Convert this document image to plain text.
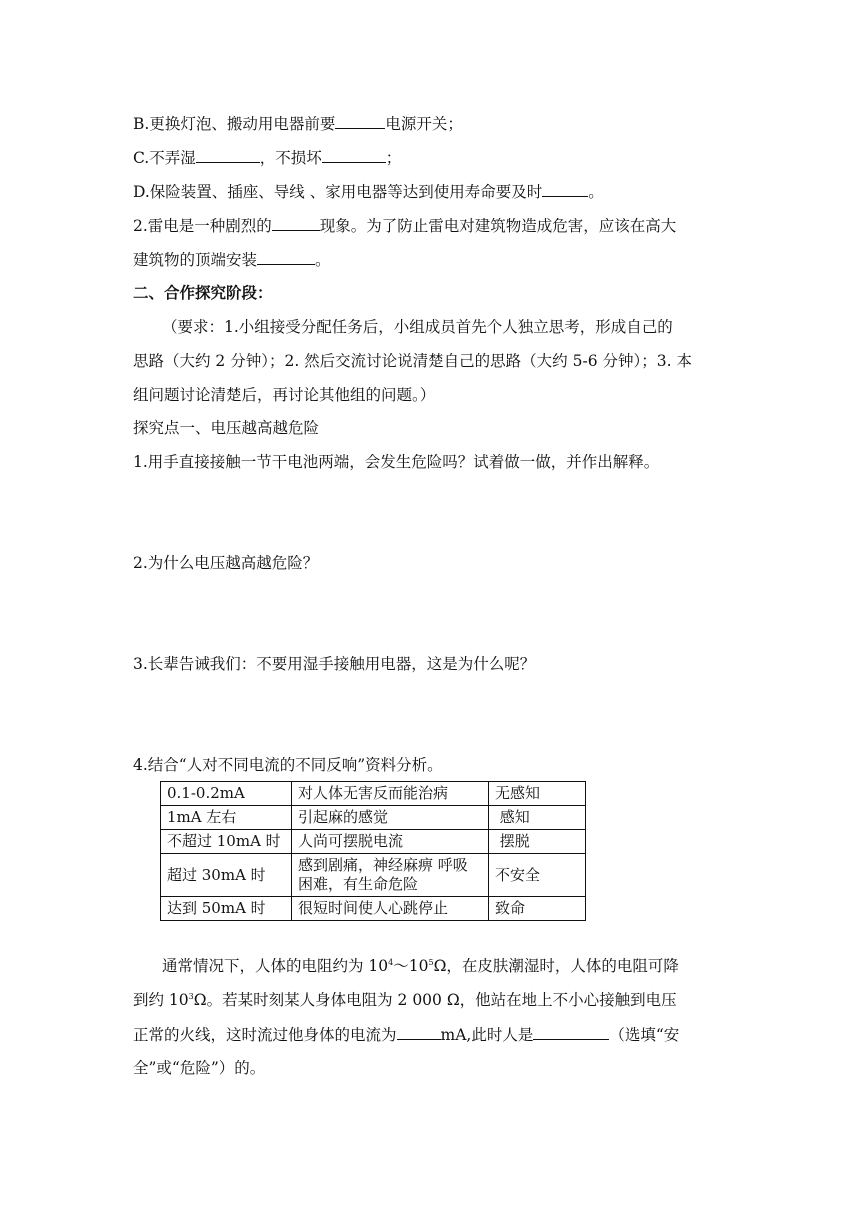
B.更换灯泡、搬动用电器前要	电源开关；
C.不弄湿	，不损坏	；
D.保险装置、插座、导线 、家用电器等达到使用寿命要及时	。
2.雷电是一种剧烈的	现象。为了防止雷电对建筑物造成危害，应该在高大
建筑物的顶端安装	。
二、合作探究阶段：
（要求：1.小组接受分配任务后，小组成员首先个人独立思考，形成自己的
思路（大约 2 分钟）；2. 然后交流讨论说清楚自己的思路（大约 5-6 分钟）；3. 本
组问题讨论清楚后，再讨论其他组的问题。）
探究点一、电压越高越危险
1.用手直接接触一节干电池两端，会发生危险吗？试着做一做，并作出解释。
2.为什么电压越高越危险？
3.长辈告诫我们：不要用湿手接触用电器，这是为什么呢？
4.结合“人对不同电流的不同反响”资料分析。
0.1-0.2mA	对人体无害反而能治病	无感知
1mA 左右	引起麻的感觉	感知
不超过 10mA 时	人尚可摆脱电流	摆脱
超过 30mA 时	感到剧痛，神经麻痹 呼吸困难，有生命危险	不安全
达到 50mA 时	很短时间使人心跳停止	致命
通常情况下，人体的电阻约为 $10^4\sim 10^5\Omega$，在皮肤潮湿时，人体的电阻可降
到约 $10^3\Omega$。若某时刻某人身体电阻为 2 000 Ω，他站在地上不小心接触到电压
正常的火线，这时流过他身体的电流为	mA,此时人是	（选填“安
全”或“危险”）的。
